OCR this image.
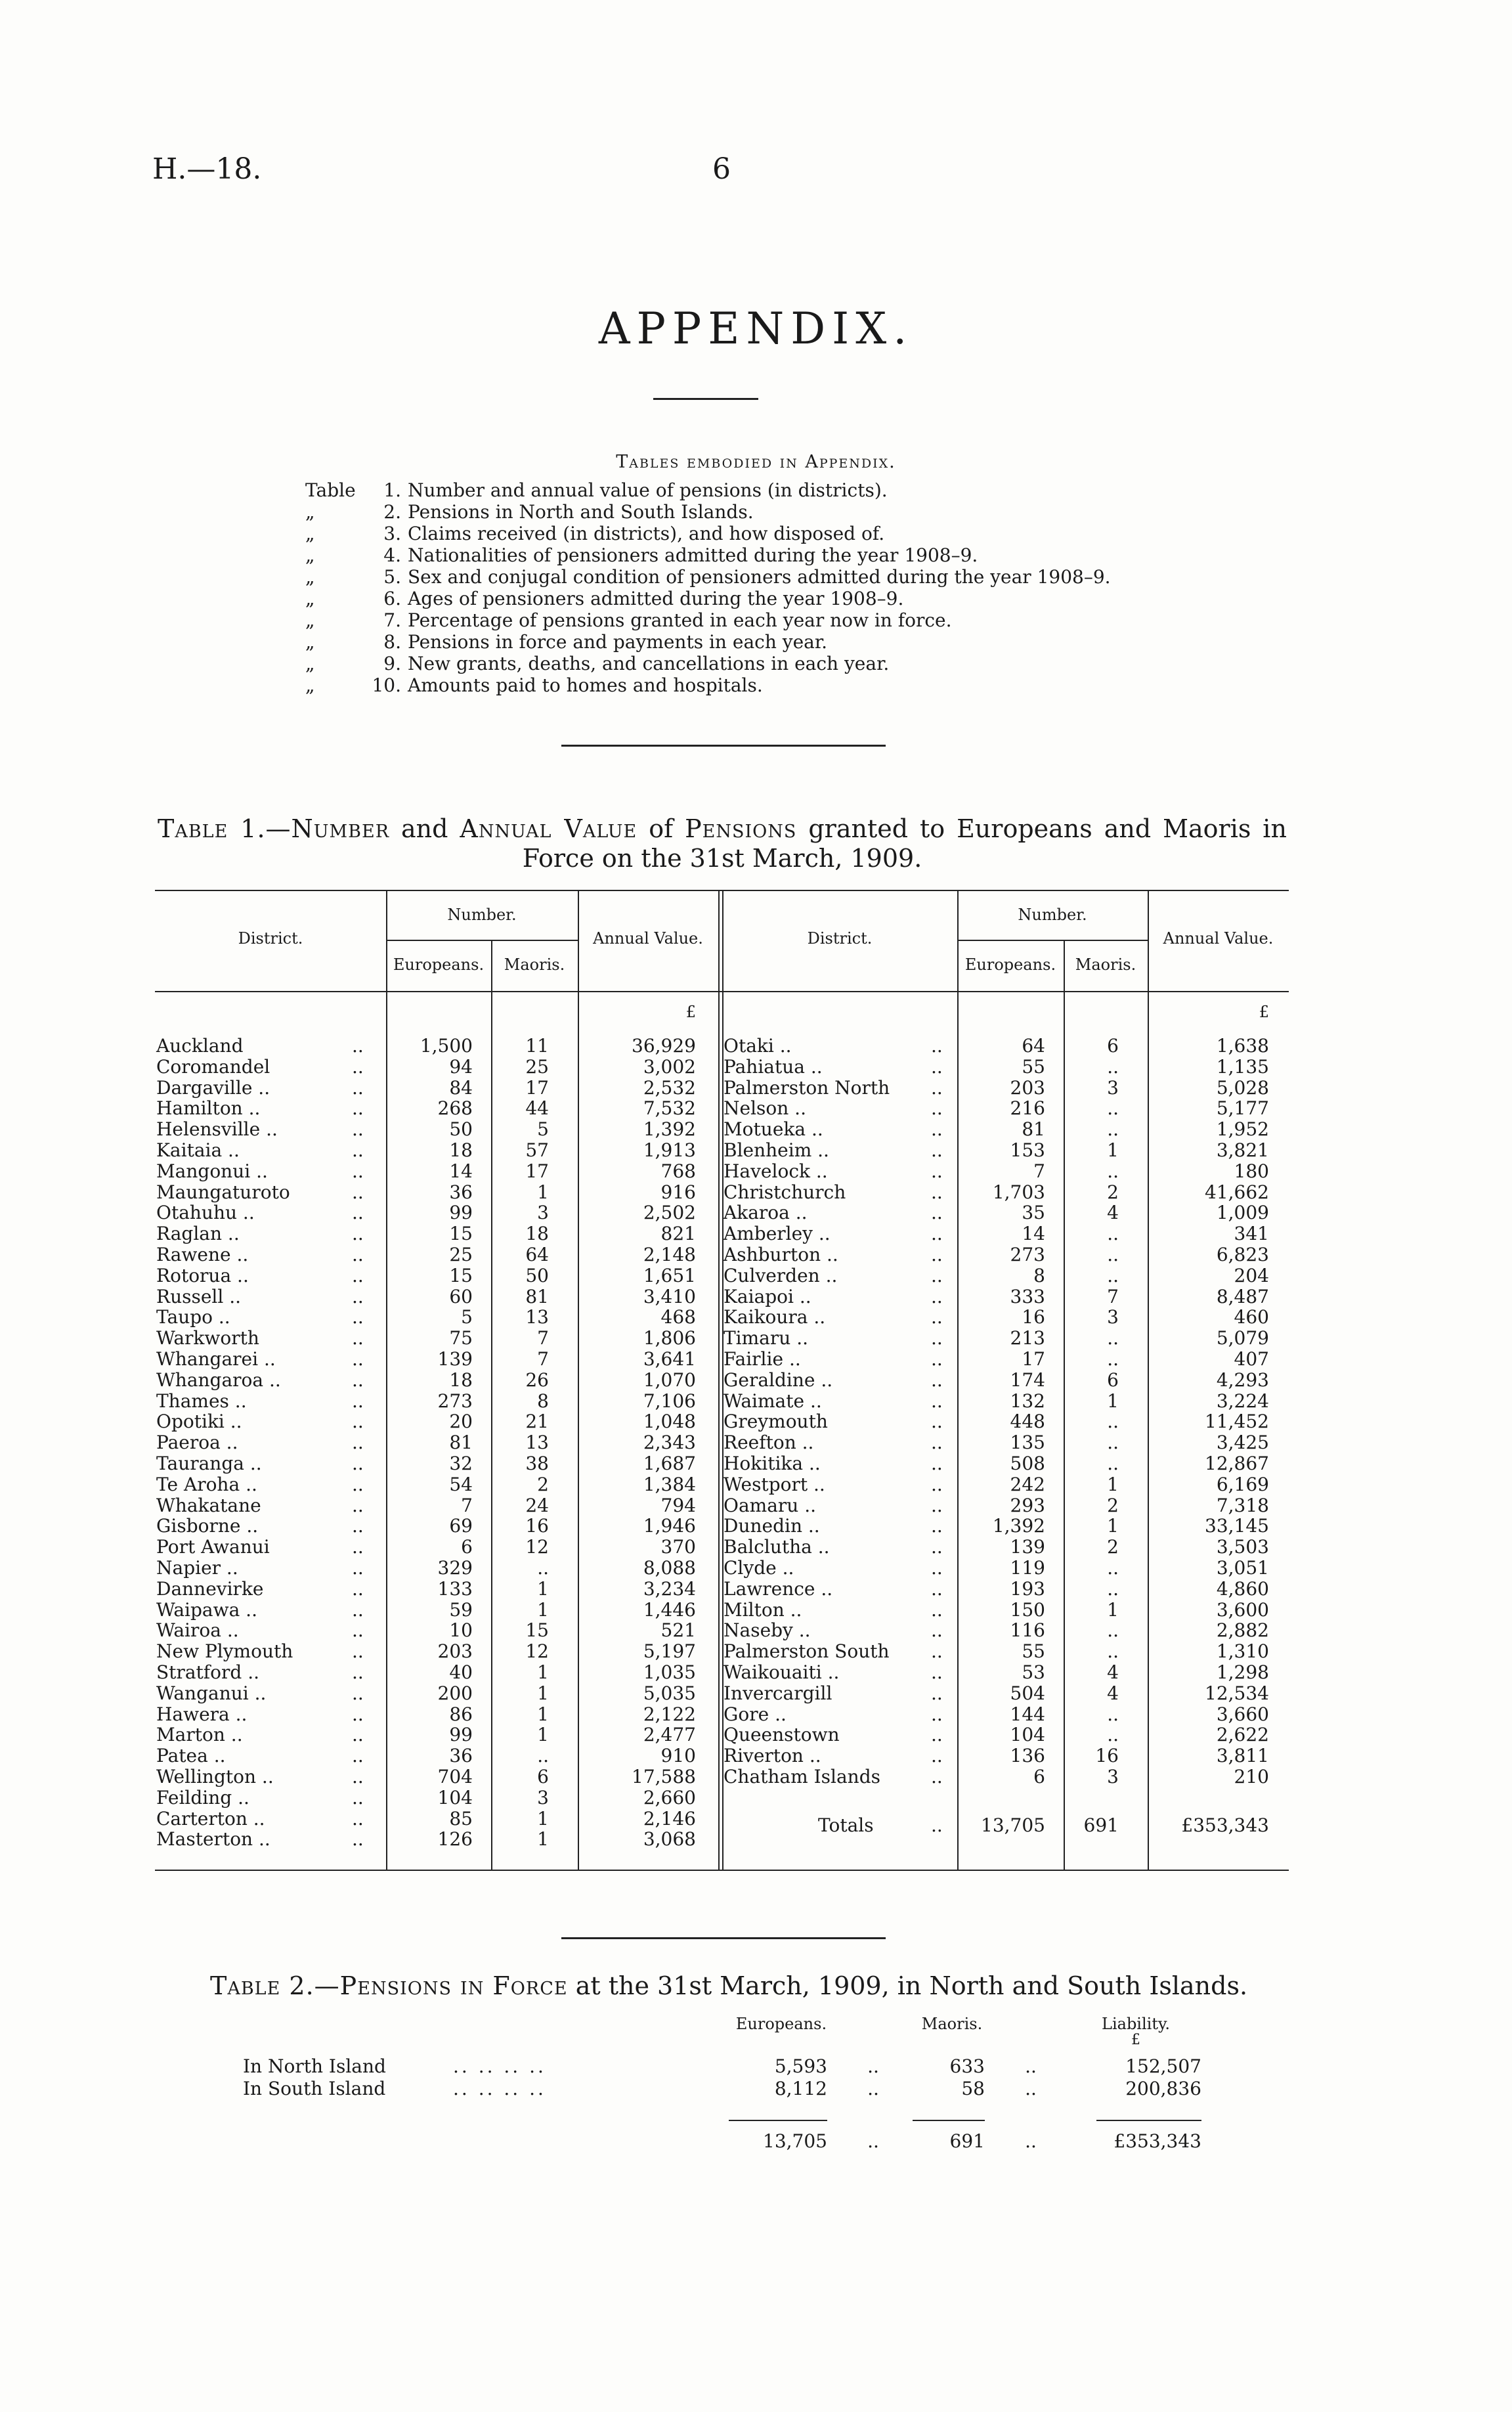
H.—18.	6
APPENDIX.
Tables embodied in Appendix.
Table	1. Number and annual value of pensions (in districts).
„	2. Pensions in North and South Islands.
„	3. Claims received (in districts), and how disposed of.
„	4. Nationalities of pensioners admitted during the year 1908–9.
„	5. Sex and conjugal condition of pensioners admitted during the year 1908–9.
„	6. Ages of pensioners admitted during the year 1908–9.
„	7. Percentage of pensions granted in each year now in force.
„	8. Pensions in force and payments in each year.
„	9. New grants, deaths, and cancellations in each year.
„	10. Amounts paid to homes and hospitals.
Table 1.—Number and Annual Value of Pensions granted to Europeans and Maoris in Force on the 31st March, 1909.
District.
Number.
Europeans.	Maoris.
Annual Value.	District.
Number.
Europeans.	Maoris.
Annual Value.
£	£
Auckland	..	1,500	11	36,929
Coromandel	..	94	25	3,002
Dargaville ..	..	84	17	2,532
Hamilton ..	..	268	44	7,532
Helensville ..	..	50	5	1,392
Kaitaia ..	..	18	57	1,913
Mangonui ..	..	14	17	768
Maungaturoto	..	36	1	916
Otahuhu ..	..	99	3	2,502
Raglan ..	..	15	18	821
Rawene ..	..	25	64	2,148
Rotorua ..	..	15	50	1,651
Russell ..	..	60	81	3,410
Taupo ..	..	5	13	468
Warkworth	..	75	7	1,806
Whangarei ..	..	139	7	3,641
Whangaroa ..	..	18	26	1,070
Thames ..	..	273	8	7,106
Opotiki ..	..	20	21	1,048
Paeroa ..	..	81	13	2,343
Tauranga ..	..	32	38	1,687
Te Aroha ..	..	54	2	1,384
Whakatane	..	7	24	794
Gisborne ..	..	69	16	1,946
Port Awanui	..	6	12	370
Napier ..	..	329	..	8,088
Dannevirke	..	133	1	3,234
Waipawa ..	..	59	1	1,446
Wairoa ..	..	10	15	521
New Plymouth	..	203	12	5,197
Stratford ..	..	40	1	1,035
Wanganui ..	..	200	1	5,035
Hawera ..	..	86	1	2,122
Marton ..	..	99	1	2,477
Patea ..	..	36	..	910
Wellington ..	..	704	6	17,588
Feilding ..	..	104	3	2,660
Carterton ..	..	85	1	2,146
Masterton ..	..	126	1	3,068
Otaki ..	..	64	6	1,638
Pahiatua ..	..	55	..	1,135
Palmerston North ..	203	3	5,028
Nelson ..	..	216	..	5,177
Motueka ..	..	81	..	1,952
Blenheim ..	..	153	1	3,821
Havelock ..	..	7	..	180
Christchurch	..	1,703	2	41,662
Akaroa ..	..	35	4	1,009
Amberley ..	..	14	..	341
Ashburton ..	..	273	..	6,823
Culverden ..	..	8	..	204
Kaiapoi ..	..	333	7	8,487
Kaikoura ..	..	16	3	460
Timaru ..	..	213	..	5,079
Fairlie ..	..	17	..	407
Geraldine ..	..	174	6	4,293
Waimate ..	..	132	1	3,224
Greymouth	..	448	..	11,452
Reefton ..	..	135	..	3,425
Hokitika ..	..	508	..	12,867
Westport ..	..	242	1	6,169
Oamaru ..	..	293	2	7,318
Dunedin ..	..	1,392	1	33,145
Balclutha ..	..	139	2	3,503
Clyde ..	..	119	..	3,051
Lawrence ..	..	193	..	4,860
Milton ..	..	150	1	3,600
Naseby ..	..	116	..	2,882
Palmerston South ..	55	..	1,310
Waikouaiti ..	..	53	4	1,298
Invercargill	..	504	4	12,534
Gore ..	..	144	..	3,660
Queenstown	..	104	..	2,622
Riverton ..	..	136	16	3,811
Chatham Islands	..	6	3	210
Totals	..	13,705	691	£353,343
Table 2.—Pensions in Force at the 31st March, 1909, in North and South Islands.
Europeans.	Maoris.	Liability.
£
In North Island	.. .. .. ..	5,593	..	633	..	152,507
In South Island	.. .. .. ..	8,112	..	58	..	200,836
13,705	..	691	..	£353,343
